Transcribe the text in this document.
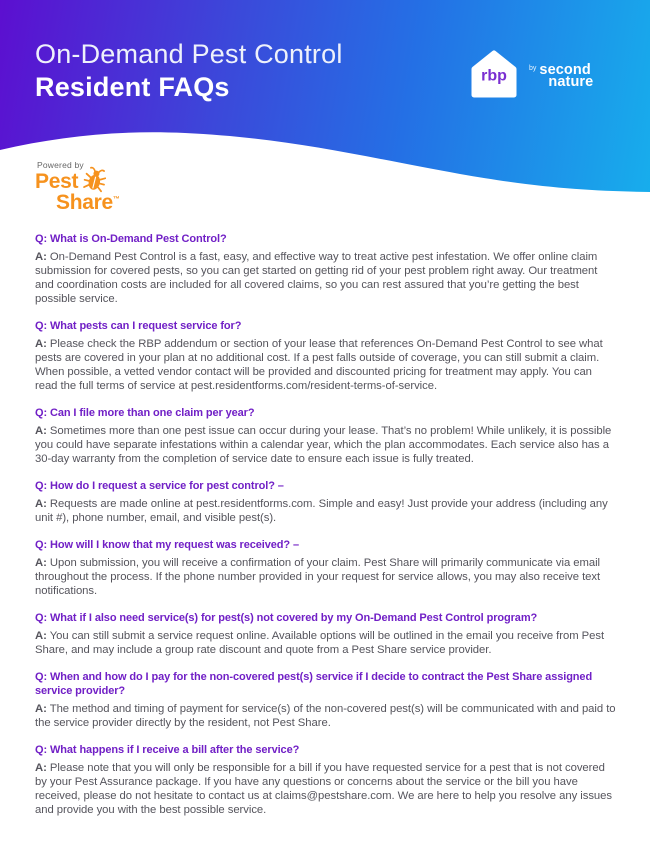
On-Demand Pest Control
Resident FAQs	rbp	by second
nature
Powered by
Pest
Share™
Q: What is On-Demand Pest Control?

A: On-Demand Pest Control is a fast, easy, and effective way to treat active pest infestation. We offer online claim submission for covered pests, so you can get started on getting rid of your pest problem right away. Our treatment and coordination costs are included for all covered claims, so you can rest assured that you’re getting the best possible service.

Q: What pests can I request service for?

A: Please check the RBP addendum or section of your lease that references On-Demand Pest Control to see what pests are covered in your plan at no additional cost. If a pest falls outside of coverage, you can still submit a claim. When possible, a vetted vendor contact will be provided and discounted pricing for treatment may apply. You can read the full terms of service at pest.residentforms.com/resident-terms-of-service.

Q: Can I file more than one claim per year?

A: Sometimes more than one pest issue can occur during your lease. That’s no problem! While unlikely, it is possible you could have separate infestations within a calendar year, which the plan accommodates. Each service also has a 30-day warranty from the completion of service date to ensure each issue is fully treated.

Q: How do I request a service for pest control? –

A: Requests are made online at pest.residentforms.com. Simple and easy! Just provide your address (including any unit #), phone number, email, and visible pest(s).

Q: How will I know that my request was received? –

A: Upon submission, you will receive a confirmation of your claim. Pest Share will primarily communicate via email throughout the process. If the phone number provided in your request for service allows, you may also receive text notifications.

Q: What if I also need service(s) for pest(s) not covered by my On-Demand Pest Control program?

A: You can still submit a service request online. Available options will be outlined in the email you receive from Pest Share, and may include a group rate discount and quote from a Pest Share service provider.

Q: When and how do I pay for the non-covered pest(s) service if I decide to contract the Pest Share assigned service provider?

A: The method and timing of payment for service(s) of the non-covered pest(s) will be communicated with and paid to the service provider directly by the resident, not Pest Share.

Q: What happens if I receive a bill after the service?

A: Please note that you will only be responsible for a bill if you have requested service for a pest that is not covered by your Pest Assurance package. If you have any questions or concerns about the service or the bill you have received, please do not hesitate to contact us at claims@pestshare.com. We are here to help you resolve any issues and provide you with the best possible service.
